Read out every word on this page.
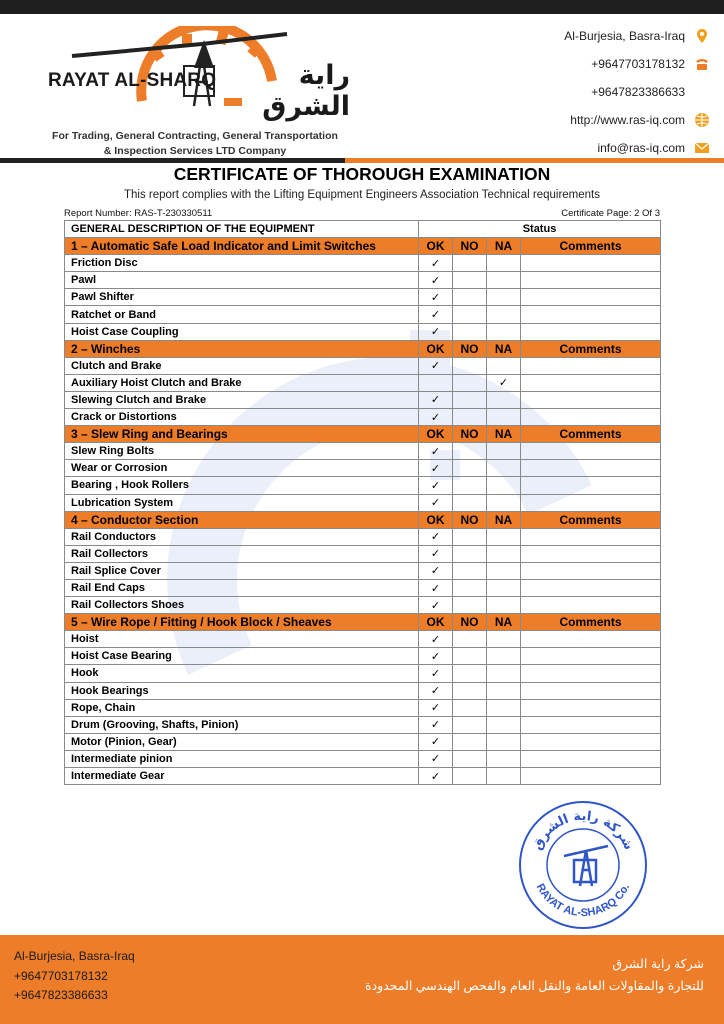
RAYAT AL-SHARQ	راية الشرق
For Trading, General Contracting, General Transportation
& Inspection Services LTD Company
Al-Burjesia, Basra-Iraq
+9647703178132
+9647823386633
http://www.ras-iq.com
info@ras-iq.com
CERTIFICATE OF THOROUGH EXAMINATION
This report complies with the Lifting Equipment Engineers Association Technical requirements
Report Number: RAS-T-230330511	Certificate Page: 2 Of 3
GENERAL DESCRIPTION OF THE EQUIPMENT	Status			
1 – Automatic Safe Load Indicator and Limit Switches	OK	NO	NA	Comments
Friction Disc	✓			
Pawl	✓			
Pawl Shifter	✓			
Ratchet or Band	✓			
Hoist Case Coupling	✓			
2 – Winches	OK	NO	NA	Comments
Clutch and Brake	✓			
Auxiliary Hoist Clutch and Brake			✓	
Slewing Clutch and Brake	✓			
Crack or Distortions	✓			
3 – Slew Ring and Bearings	OK	NO	NA	Comments
Slew Ring Bolts	✓			
Wear or Corrosion	✓			
Bearing , Hook Rollers	✓			
Lubrication System	✓			
4 – Conductor Section	OK	NO	NA	Comments
Rail Conductors	✓			
Rail Collectors	✓			
Rail Splice Cover	✓			
Rail End Caps	✓			
Rail Collectors Shoes	✓			
5 – Wire Rope / Fitting / Hook Block / Sheaves	OK	NO	NA	Comments
Hoist	✓			
Hoist Case Bearing	✓			
Hook	✓			
Hook Bearings	✓			
Rope, Chain	✓			
Drum (Grooving, Shafts, Pinion)	✓			
Motor (Pinion, Gear)	✓			
Intermediate pinion	✓			
Intermediate Gear	✓			
شركة راية الشرق
RAYAT AL-SHARQ Co.
Al-Burjesia, Basra-Iraq
+9647703178132
+9647823386633
شركة راية الشرق
للتجارة والمقاولات العامة والنقل العام والفحص الهندسي المحدودة
